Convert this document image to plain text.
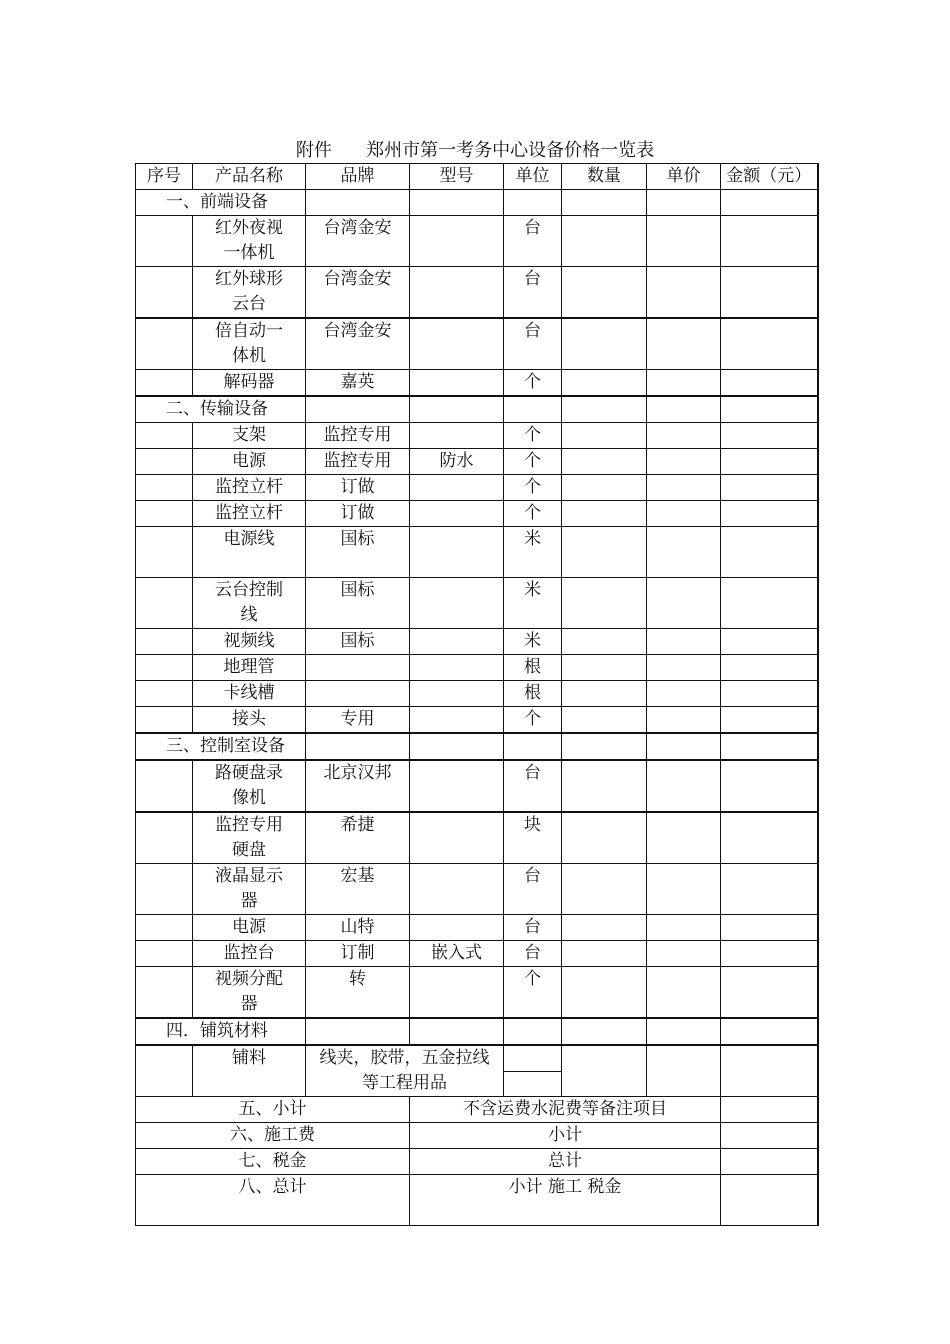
附件      郑州市第一考务中心设备价格一览表
序号	产品名称	品牌	型号	单位	数量	单价	金额（元）
一、前端设备							
	红外夜视一体机	台湾金安		台			
	红外球形云台	台湾金安		台			
	倍自动一体机	台湾金安		台			
	解码器	嘉英		个			
二、传输设备							
	支架	监控专用		个			
	电源	监控专用	防水	个			
	监控立杆	订做		个			
	监控立杆	订做		个			
	电源线	国标		米			
	云台控制线	国标		米			
	视频线	国标		米			
	地理管			根			
	卡线槽			根			
	接头	专用		个			
三、控制室设备							
	路硬盘录像机	北京汉邦		台			
	监控专用硬盘	希捷		块			
	液晶显示器	宏基		台			
	电源	山特		台			
	监控台	订制	嵌入式	台			
	视频分配器	转		个			
四．铺筑材料							
	铺料	线夹，胶带，五金拉线等工程用品		

五、小计			不含运费水泥费等备注项目				
六、施工费			小计				
七、税金			总计				
八、总计			小计 施工 税金				
